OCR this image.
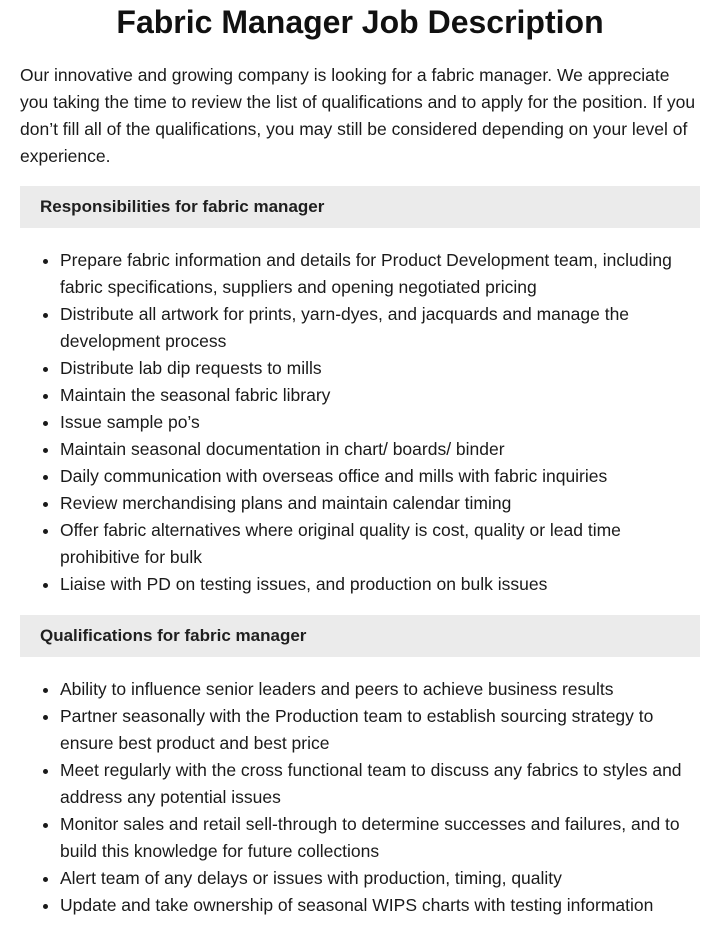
Fabric Manager Job Description

Our innovative and growing company is looking for a fabric manager. We appreciate you taking the time to review the list of qualifications and to apply for the position. If you don’t fill all of the qualifications, you may still be considered depending on your level of experience.

Responsibilities for fabric manager
• Prepare fabric information and details for Product Development team, including fabric specifications, suppliers and opening negotiated pricing
• Distribute all artwork for prints, yarn-dyes, and jacquards and manage the development process
• Distribute lab dip requests to mills
• Maintain the seasonal fabric library
• Issue sample po’s
• Maintain seasonal documentation in chart/ boards/ binder
• Daily communication with overseas office and mills with fabric inquiries
• Review merchandising plans and maintain calendar timing
• Offer fabric alternatives where original quality is cost, quality or lead time prohibitive for bulk
• Liaise with PD on testing issues, and production on bulk issues
Qualifications for fabric manager
• Ability to influence senior leaders and peers to achieve business results
• Partner seasonally with the Production team to establish sourcing strategy to ensure best product and best price
• Meet regularly with the cross functional team to discuss any fabrics to styles and address any potential issues
• Monitor sales and retail sell-through to determine successes and failures, and to build this knowledge for future collections
• Alert team of any delays or issues with production, timing, quality
• Update and take ownership of seasonal WIPS charts with testing information
